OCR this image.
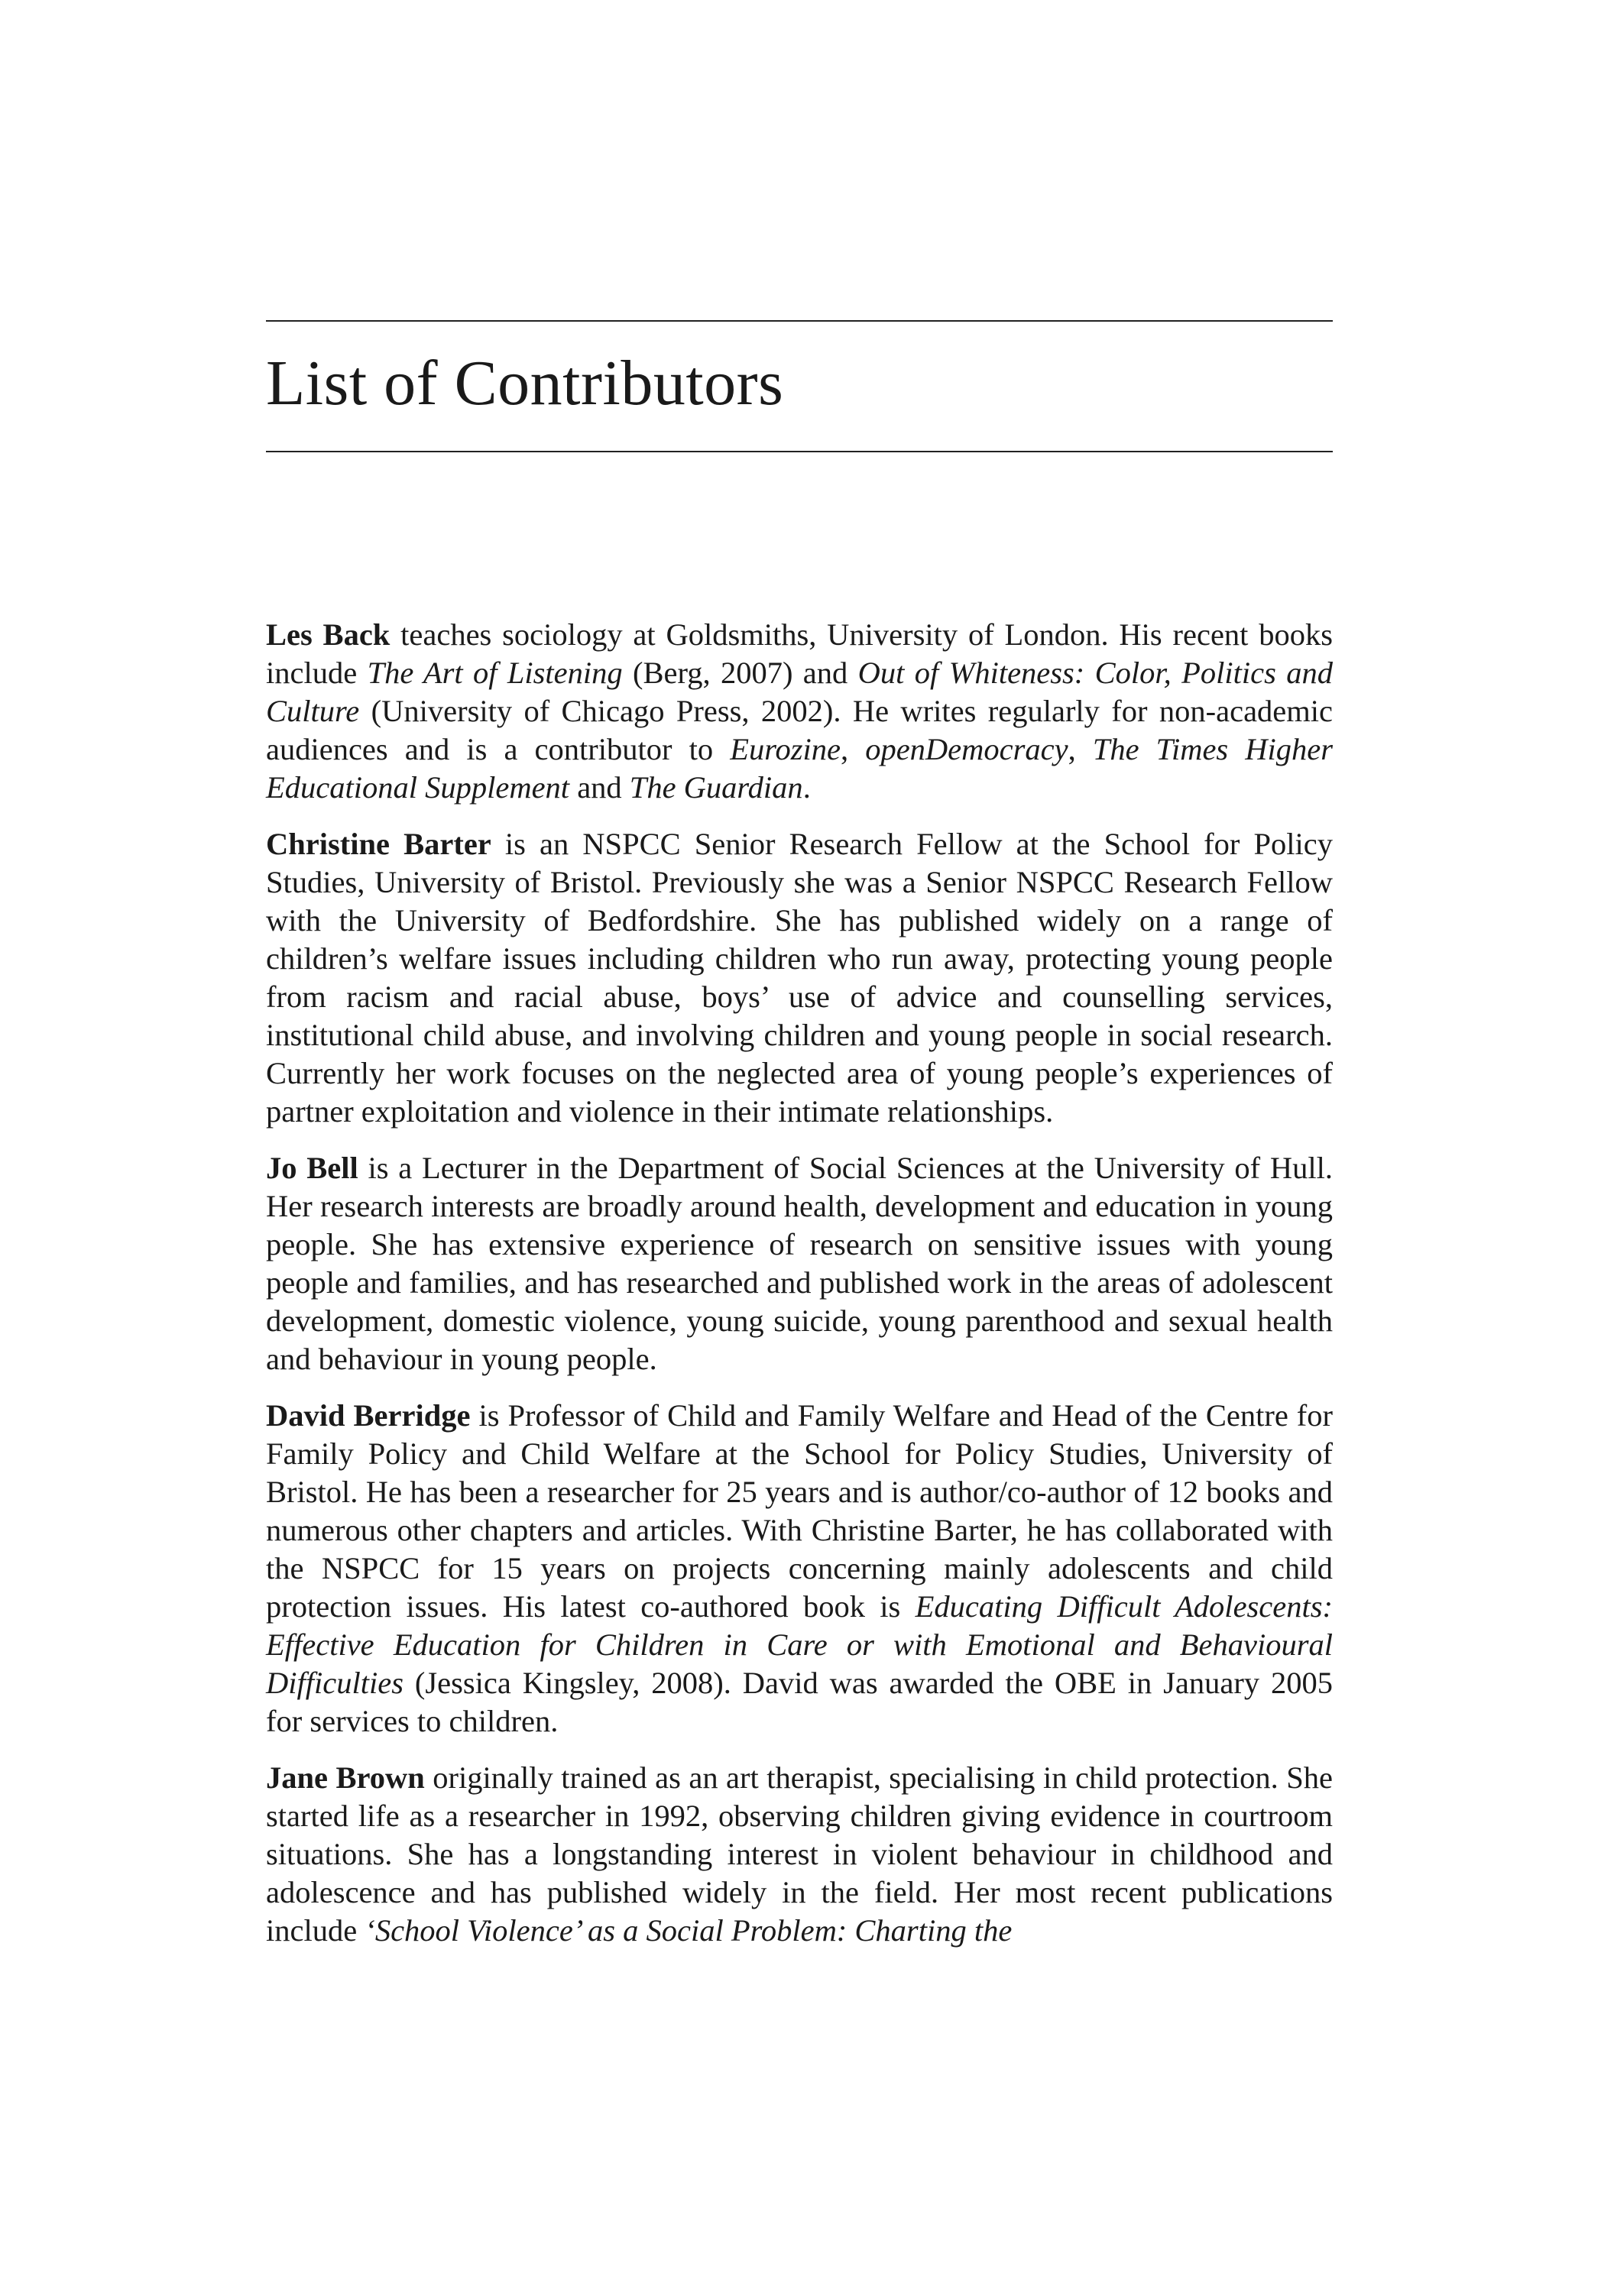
List of Contributors

Les Back teaches sociology at Goldsmiths, University of London. His recent books include The Art of Listening (Berg, 2007) and Out of Whiteness: Color, Politics and Culture (University of Chicago Press, 2002). He writes regularly for non-academic audiences and is a contributor to Eurozine, openDemocracy, The Times Higher Educational Supplement and The Guardian.

Christine Barter is an NSPCC Senior Research Fellow at the School for Policy Studies, University of Bristol. Previously she was a Senior NSPCC Research Fellow with the University of Bedfordshire. She has published widely on a range of children’s welfare issues including children who run away, protecting young people from racism and racial abuse, boys’ use of advice and counselling services, institutional child abuse, and involving children and young people in social research. Currently her work focuses on the neglected area of young people’s experiences of partner exploitation and violence in their intimate relationships.

Jo Bell is a Lecturer in the Department of Social Sciences at the University of Hull. Her research interests are broadly around health, development and education in young people. She has extensive experience of research on sensitive issues with young people and families, and has researched and published work in the areas of adolescent development, domestic violence, young suicide, young parenthood and sexual health and behaviour in young people.

David Berridge is Professor of Child and Family Welfare and Head of the Centre for Family Policy and Child Welfare at the School for Policy Studies, University of Bristol. He has been a researcher for 25 years and is author/​co-author of 12 books and numerous other chapters and articles. With Christine Barter, he has collaborated with the NSPCC for 15 years on projects concerning mainly adolescents and child protection issues. His latest co-authored book is Educating Difficult Adolescents: Effective Education for Children in Care or with Emotional and Behavioural Difficulties (Jessica Kingsley, 2008). David was awarded the OBE in January 2005 for services to children.

Jane Brown originally trained as an art therapist, specialising in child protection. She started life as a researcher in 1992, observing children giving evidence in courtroom situations. She has a longstanding interest in violent behaviour in childhood and adolescence and has published widely in the field. Her most recent publications include ‘School Violence’ as a Social Problem: Charting the
